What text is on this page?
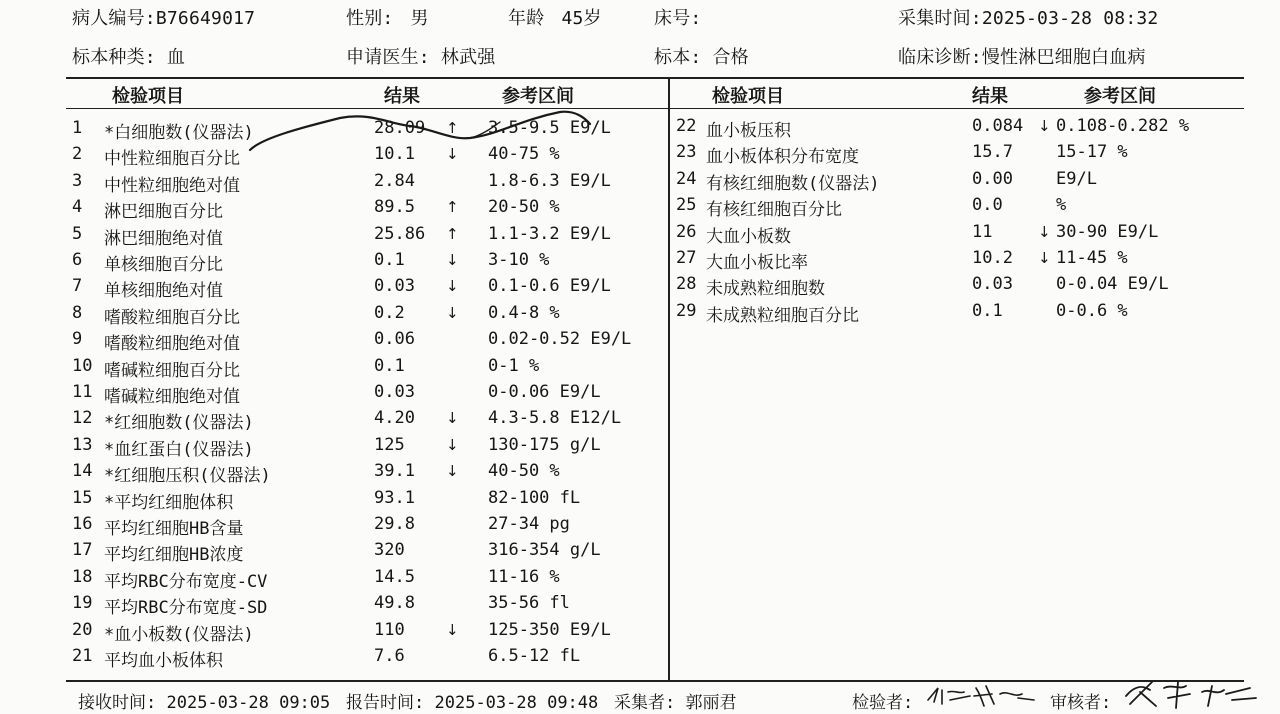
病人编号:B76649017	性别: 男	年龄 45岁	床号:	采集时间:2025-03-28 08:32
标本种类: 血	申请医生: 林武强	标本: 合格	临床诊断:慢性淋巴细胞白血病
检验项目	结果	参考区间	检验项目	结果	参考区间
1	*白细胞数(仪器法)	28.09 ↑ 3.5-9.5 E9/L
2	中性粒细胞百分比	10.1 ↓ 40-75 %
3	中性粒细胞绝对值	2.84	1.8-6.3 E9/L
4	淋巴细胞百分比	89.5 ↑ 20-50 %
5	淋巴细胞绝对值	25.86 ↑ 1.1-3.2 E9/L
6	单核细胞百分比	0.1	↓ 3-10 %
7	单核细胞绝对值	0.03 ↓ 0.1-0.6 E9/L
8	嗜酸粒细胞百分比	0.2	↓ 0.4-8 %
9	嗜酸粒细胞绝对值	0.06	0.02-0.52 E9/L
10 嗜碱粒细胞百分比	0.1	0-1 %
11 嗜碱粒细胞绝对值	0.03	0-0.06 E9/L
12 *红细胞数(仪器法)	4.20 ↓ 4.3-5.8 E12/L
13 *血红蛋白(仪器法)	125	↓ 130-175 g/L
14 *红细胞压积(仪器法)	39.1 ↓ 40-50 %
15 *平均红细胞体积	93.1	82-100 fL
16 平均红细胞HB含量	29.8	27-34 pg
17 平均红细胞HB浓度	320	316-354 g/L
18 平均RBC分布宽度-CV	14.5	11-16 %
19 平均RBC分布宽度-SD	49.8	35-56 fl
20 *血小板数(仪器法)	110	↓ 125-350 E9/L
21 平均血小板体积	7.6	6.5-12 fL
22 血小板压积	0.084 ↓ 0.108-0.282 %
23 血小板体积分布宽度	15.7	15-17 %
24 有核红细胞数(仪器法)	0.00	E9/L
25 有核红细胞百分比	0.0	%
26 大血小板数	11	↓ 30-90 E9/L
27 大血小板比率	10.2 ↓ 11-45 %
28 未成熟粒细胞数	0.03	0-0.04 E9/L
29 未成熟粒细胞百分比	0.1	0-0.6 %
接收时间: 2025-03-28 09:05 报告时间: 2025-03-28 09:48 采集者: 郭丽君	检验者:	审核者:
